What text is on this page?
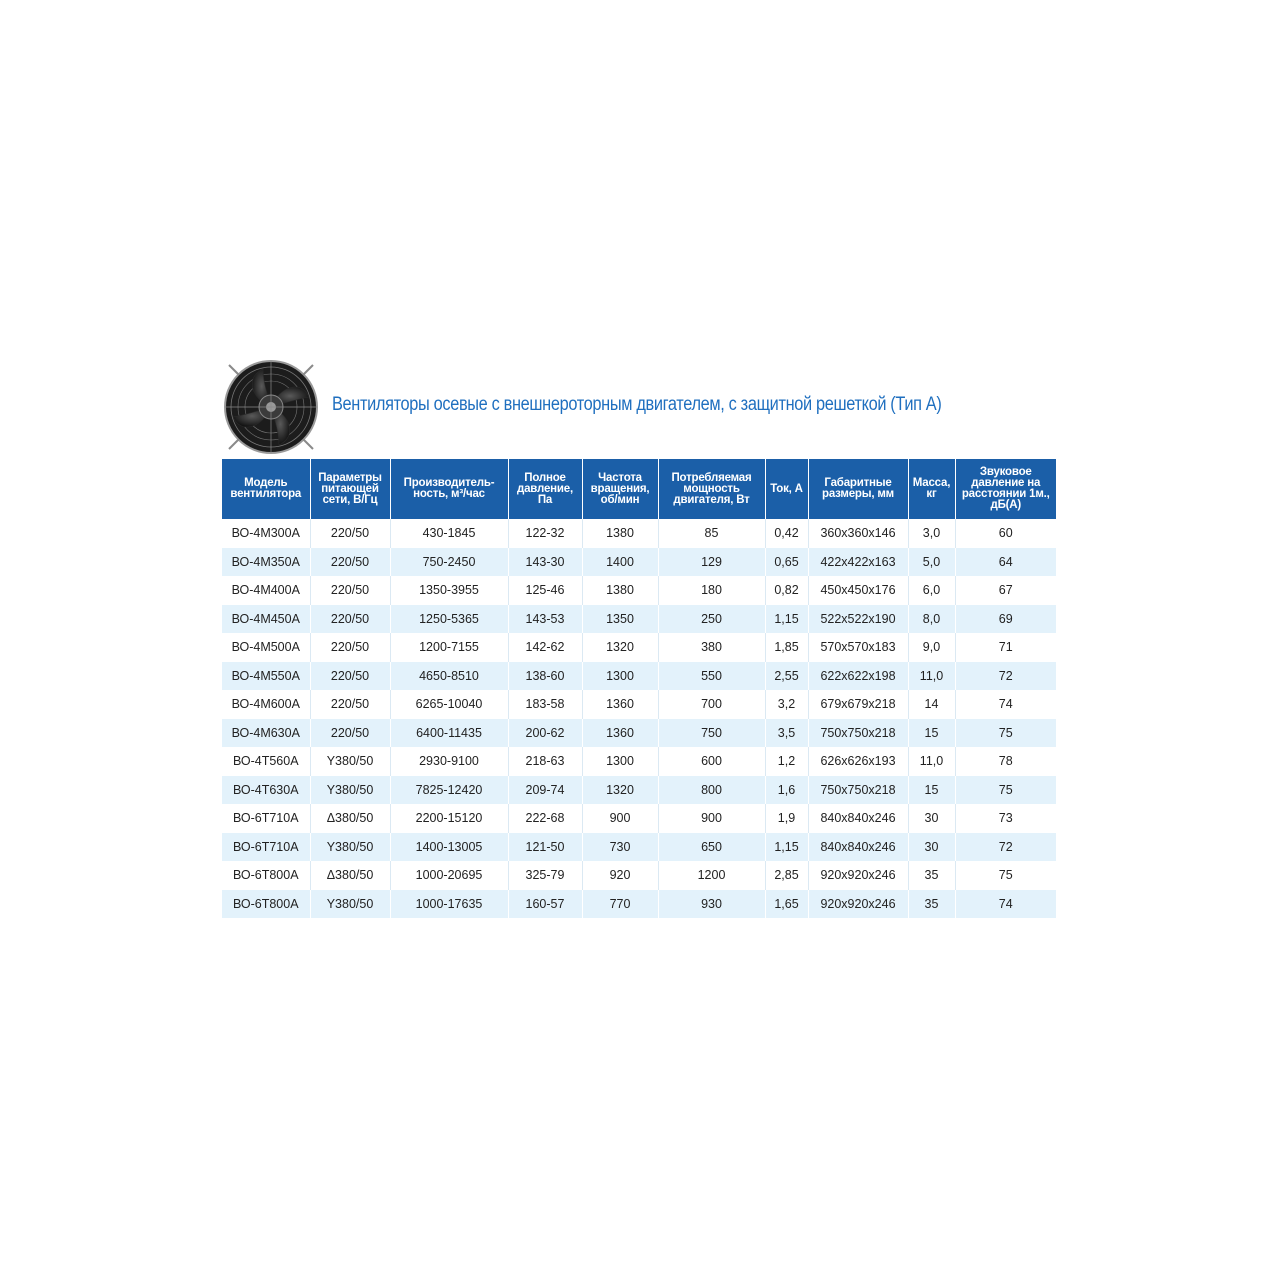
Вентиляторы осевые с внешнероторным двигателем, с защитной решеткой (Тип А)
Модель вентилятора	Параметры питающей сети, В/Гц	Производитель-ность, м³/час	Полное давление, Па	Частота вращения, об/мин	Потребляемая мощность двигателя, Вт	Ток, А	Габаритные размеры, мм	Масса, кг	Звуковое давление на расстоянии 1м., дБ(А)
ВО-4М300А	220/50	430-1845	122-32	1380	85	0,42	360х360х146	3,0	60
ВО-4М350А	220/50	750-2450	143-30	1400	129	0,65	422х422х163	5,0	64
ВО-4М400А	220/50	1350-3955	125-46	1380	180	0,82	450х450х176	6,0	67
ВО-4М450А	220/50	1250-5365	143-53	1350	250	1,15	522х522х190	8,0	69
ВО-4М500А	220/50	1200-7155	142-62	1320	380	1,85	570х570х183	9,0	71
ВО-4М550А	220/50	4650-8510	138-60	1300	550	2,55	622х622х198	11,0	72
ВО-4М600А	220/50	6265-10040	183-58	1360	700	3,2	679х679х218	14	74
ВО-4М630А	220/50	6400-11435	200-62	1360	750	3,5	750х750х218	15	75
ВО-4Т560А	Y380/50	2930-9100	218-63	1300	600	1,2	626х626х193	11,0	78
ВО-4Т630А	Y380/50	7825-12420	209-74	1320	800	1,6	750х750х218	15	75
ВО-6Т710А	Δ380/50	2200-15120	222-68	900	900	1,9	840х840х246	30	73
ВО-6Т710А	Y380/50	1400-13005	121-50	730	650	1,15	840х840х246	30	72
ВО-6Т800А	Δ380/50	1000-20695	325-79	920	1200	2,85	920х920х246	35	75
ВО-6Т800А	Y380/50	1000-17635	160-57	770	930	1,65	920х920х246	35	74
